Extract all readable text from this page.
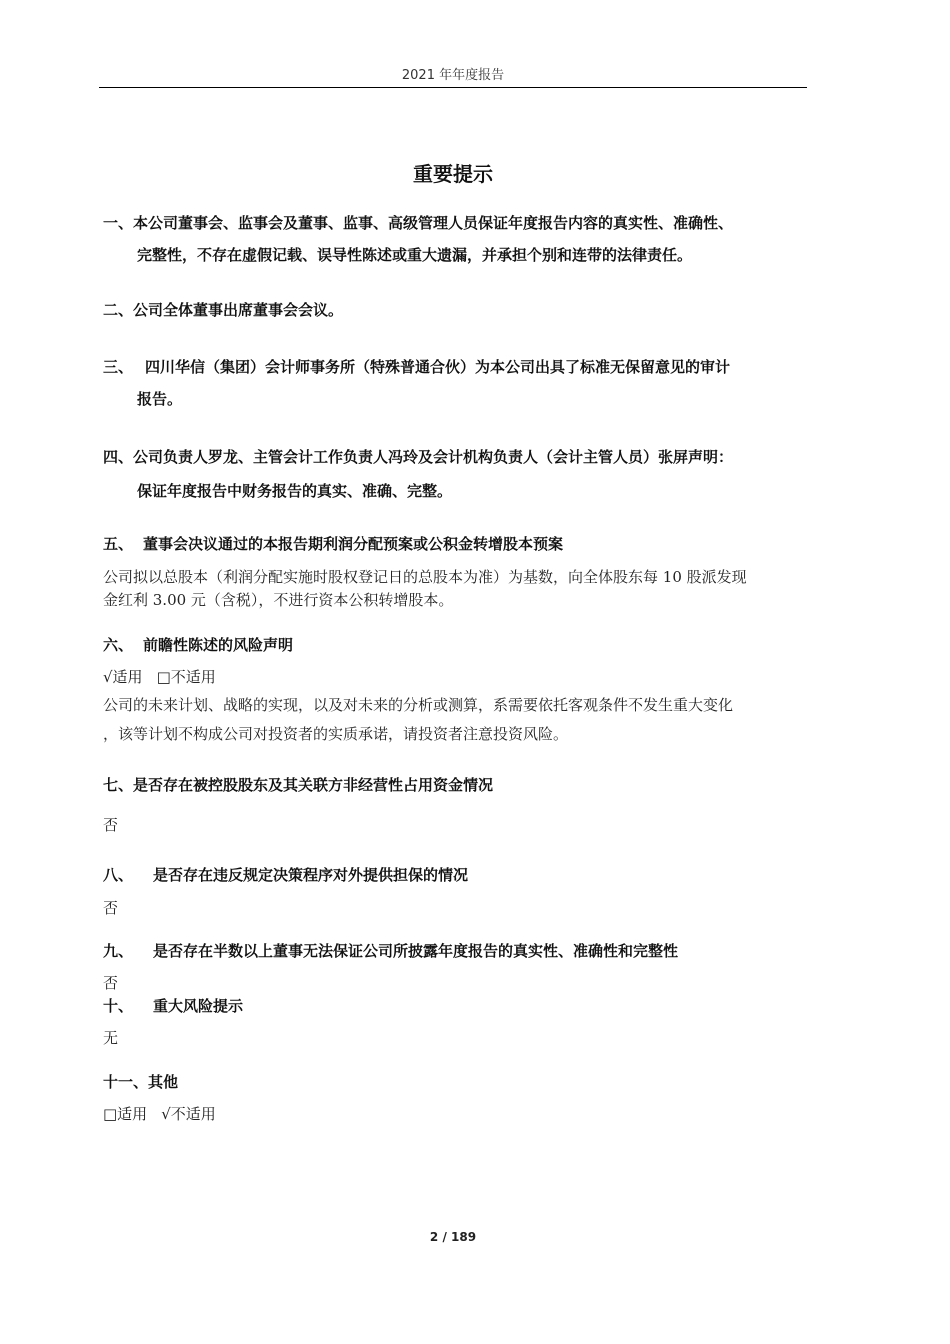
2021 年年度报告
重要提示
一、本公司董事会、监事会及董事、监事、高级管理人员保证年度报告内容的真实性、准确性、
完整性，不存在虚假记载、误导性陈述或重大遗漏，并承担个别和连带的法律责任。
二、公司全体董事出席董事会会议。
三、 四川华信（集团）会计师事务所（特殊普通合伙）为本公司出具了标准无保留意见的审计
报告。
四、公司负责人罗龙、主管会计工作负责人冯玲及会计机构负责人（会计主管人员）张屏声明：
保证年度报告中财务报告的真实、准确、完整。
五、 董事会决议通过的本报告期利润分配预案或公积金转增股本预案
公司拟以总股本（利润分配实施时股权登记日的总股本为准）为基数，向全体股东每 10 股派发现
金红利 3.00 元（含税），不进行资本公积转增股本。
六、 前瞻性陈述的风险声明
√适用 □不适用
公司的未来计划、战略的实现，以及对未来的分析或测算，系需要依托客观条件不发生重大变化
，该等计划不构成公司对投资者的实质承诺，请投资者注意投资风险。
七、是否存在被控股股东及其关联方非经营性占用资金情况
否
八、 是否存在违反规定决策程序对外提供担保的情况
否
九、 是否存在半数以上董事无法保证公司所披露年度报告的真实性、准确性和完整性
否
十、 重大风险提示
无
十一、其他
□适用 √不适用
2 / 189
